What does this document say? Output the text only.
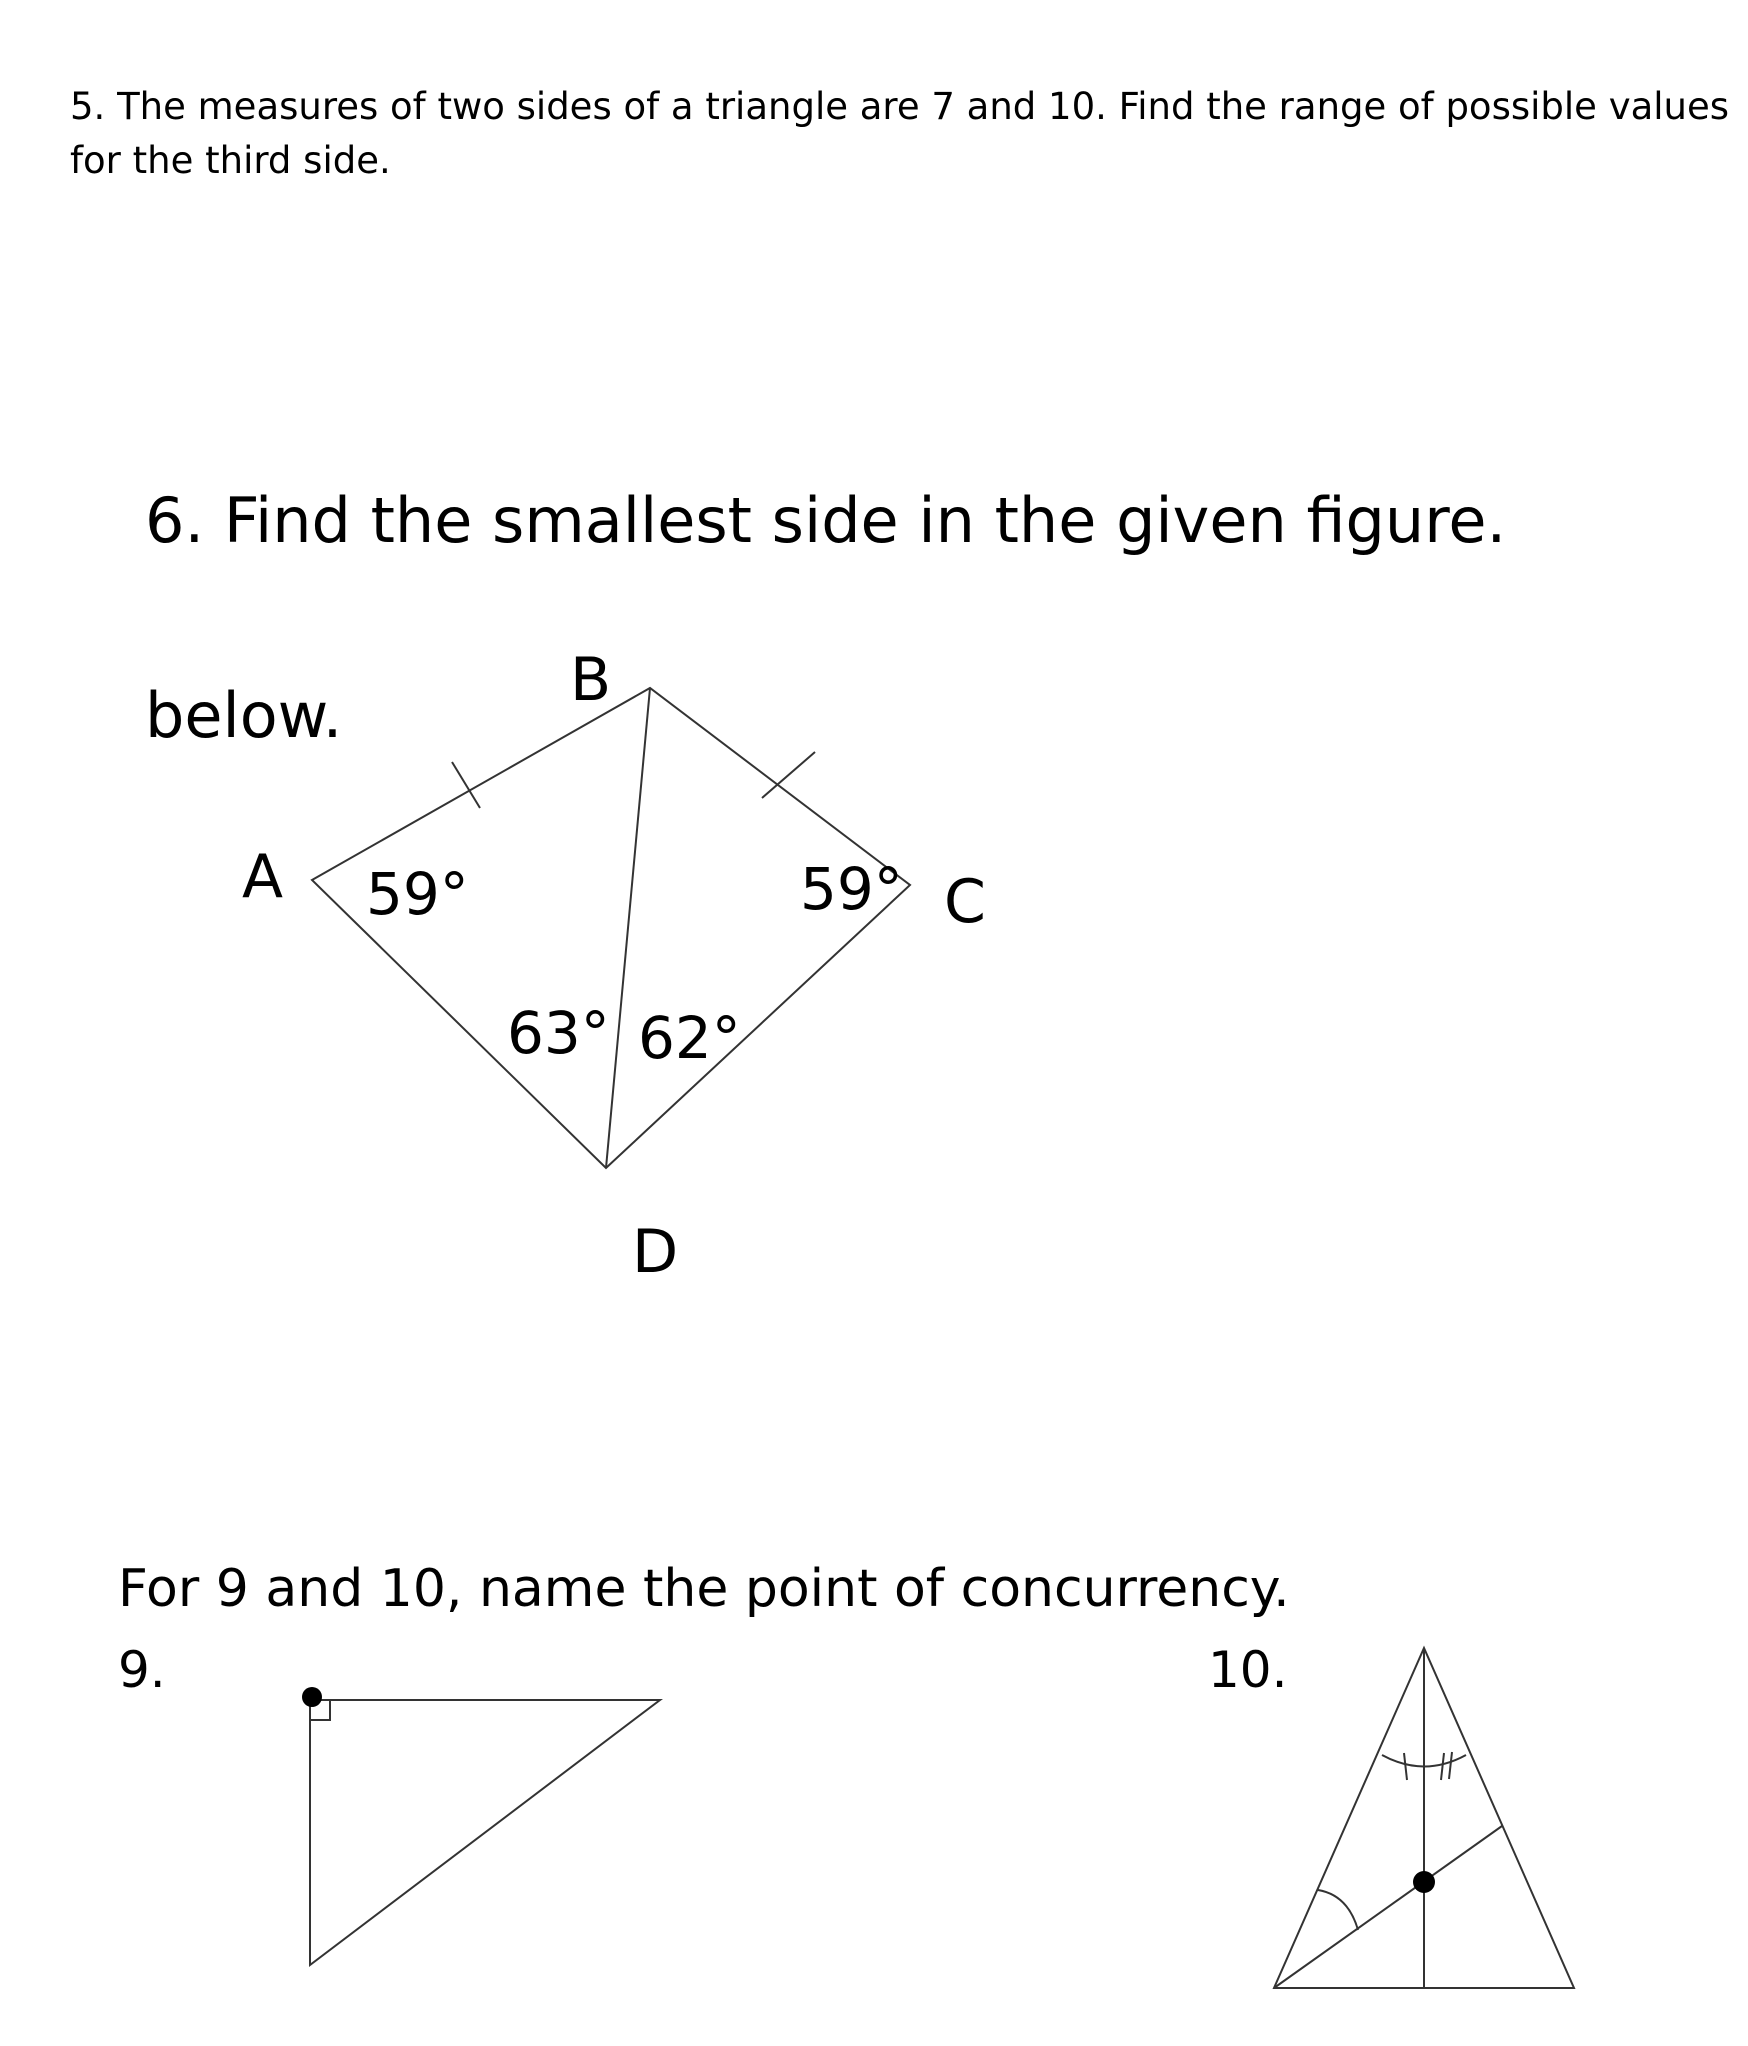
5. The measures of two sides of a triangle are 7 and 10. Find the range of possible values
for the third side.
6. Find the smallest side in the given figure.
below.	B
A	C
D
59°	59°
63° 62°
For 9 and 10, name the point of concurrency.
9.	10.
